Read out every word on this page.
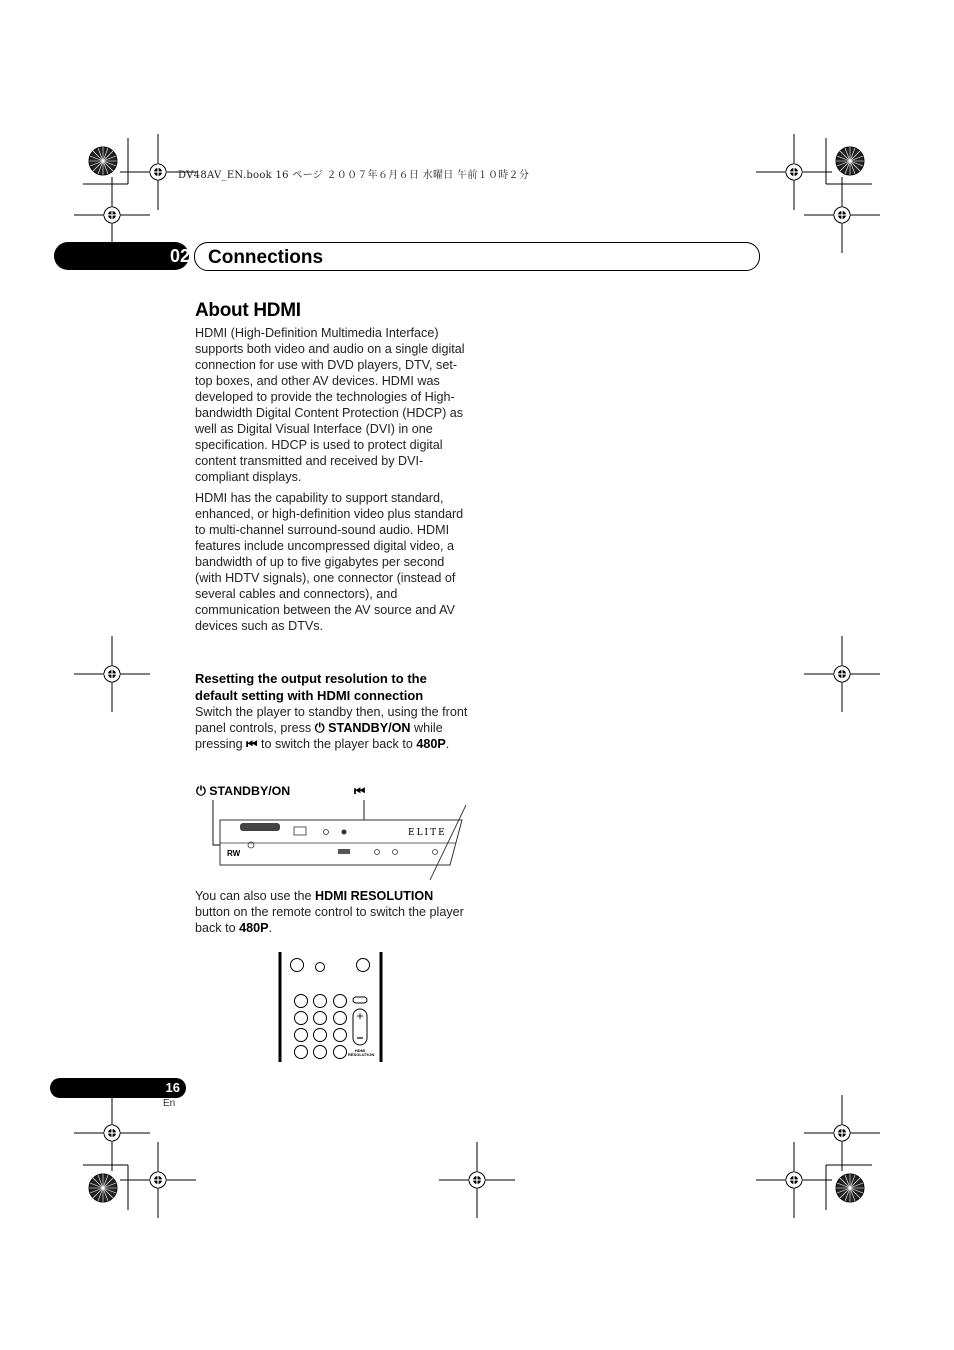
DV48AV_EN.book 16 ページ ２００７年６月６日 水曜日 午前１０時２分
02 Connections
About HDMI

HDMI (High-Definition Multimedia Interface) supports both video and audio on a single digital connection for use with DVD players, DTV, set-top boxes, and other AV devices. HDMI was developed to provide the technologies of High-bandwidth Digital Content Protection (HDCP) as well as Digital Visual Interface (DVI) in one specification. HDCP is used to protect digital content transmitted and received by DVI-compliant displays.

HDMI has the capability to support standard, enhanced, or high-definition video plus standard to multi-channel surround-sound audio. HDMI features include uncompressed digital video, a bandwidth of up to five gigabytes per second (with HDTV signals), one connector (instead of several cables and connectors), and communication between the AV source and AV devices such as DTVs.

Resetting the output resolution to the default setting with HDMI connection
Switch the player to standby then, using the front panel controls, press ⏻ STANDBY/ON while pressing ⏮ to switch the player back to 480P.
⏻ STANDBY/ON	⏮
ELITE
RW
You can also use the HDMI RESOLUTION button on the remote control to switch the player back to 480P.
HDMI RESOLUTION
16
En
